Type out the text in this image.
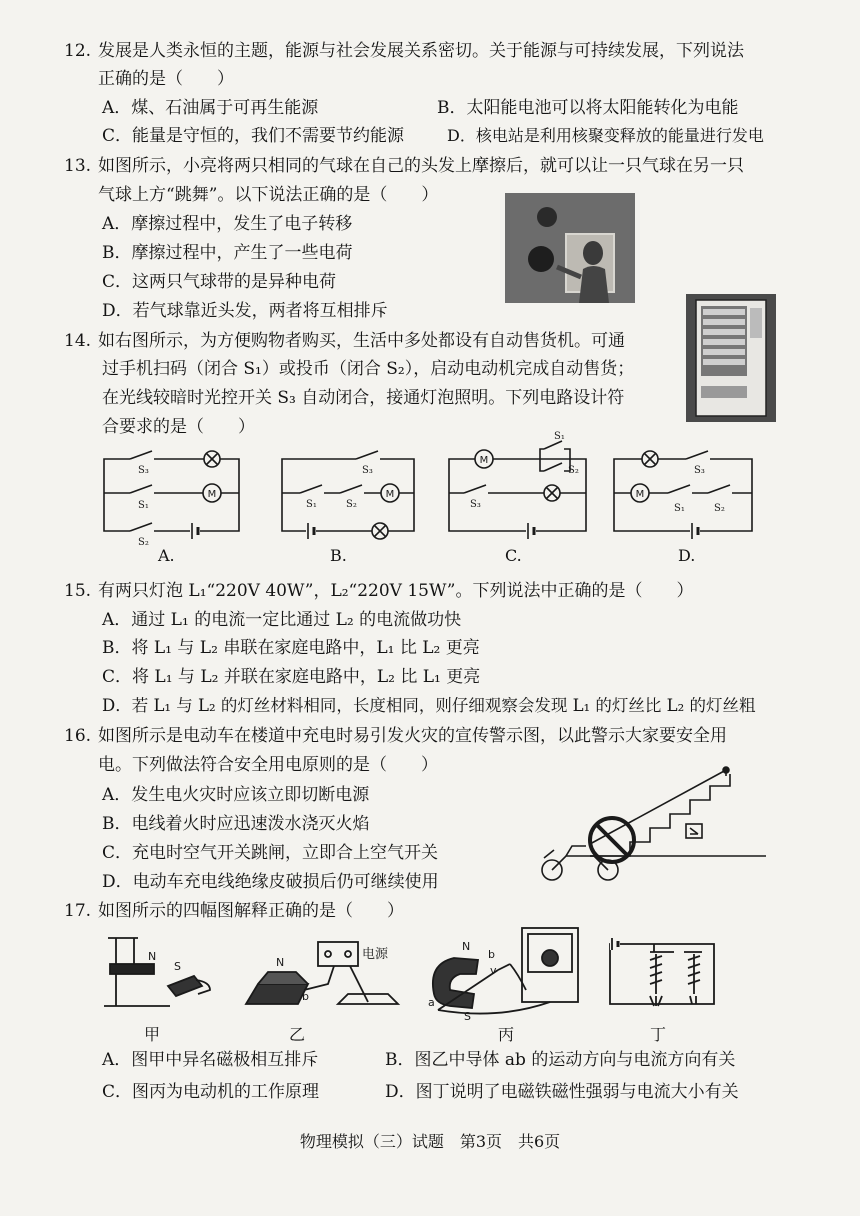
12. 发展是人类永恒的主题，能源与社会发展关系密切。关于能源与可持续发展，下列说法
正确的是（　　）
A．煤、石油属于可再生能源	B．太阳能电池可以将太阳能转化为电能
C．能量是守恒的，我们不需要节约能源	D．核电站是利用核聚变释放的能量进行发电
13. 如图所示，小亮将两只相同的气球在自己的头发上摩擦后，就可以让一只气球在另一只
气球上方“跳舞”。以下说法正确的是（　　）
A．摩擦过程中，发生了电子转移
B．摩擦过程中，产生了一些电荷
C．这两只气球带的是异种电荷
D．若气球靠近头发，两者将互相排斥
14. 如右图所示，为方便购物者购买，生活中多处都设有自动售货机。可通
过手机扫码（闭合 S₁）或投币（闭合 S₂），启动电动机完成自动售货；
在光线较暗时光控开关 S₃ 自动闭合，接通灯泡照明。下列电路设计符
合要求的是（　　）
M	M
M
M
S₃
S₁
S₂
S₃
S₁	S₂
S₁
S₂
S₃
S₃
S₁	S₂
A.	B.	C.	D.
15. 有两只灯泡 L₁“220V 40W”，L₂“220V 15W”。下列说法中正确的是（　　）
A．通过 L₁ 的电流一定比通过 L₂ 的电流做功快
B．将 L₁ 与 L₂ 串联在家庭电路中，L₁ 比 L₂ 更亮
C．将 L₁ 与 L₂ 并联在家庭电路中，L₂ 比 L₁ 更亮
D．若 L₁ 与 L₂ 的灯丝材料相同，长度相同，则仔细观察会发现 L₁ 的灯丝比 L₂ 的灯丝粗
16. 如图所示是电动车在楼道中充电时易引发火灾的宣传警示图，以此警示大家要安全用
电。下列做法符合安全用电原则的是（　　）
A．发生电火灾时应该立即切断电源
B．电线着火时应迅速泼水浇灭火焰
C．充电时空气开关跳闸，立即合上空气开关
D．电动车充电线绝缘皮破损后仍可继续使用
17. 如图所示的四幅图解释正确的是（　　）
N
S	N
b
电源
N
b
v
a
S
甲	乙	丙	丁
A．图甲中异名磁极相互排斥	B．图乙中导体 ab 的运动方向与电流方向有关
C．图丙为电动机的工作原理	D．图丁说明了电磁铁磁性强弱与电流大小有关
物理模拟（三）试题　第3页　共6页
